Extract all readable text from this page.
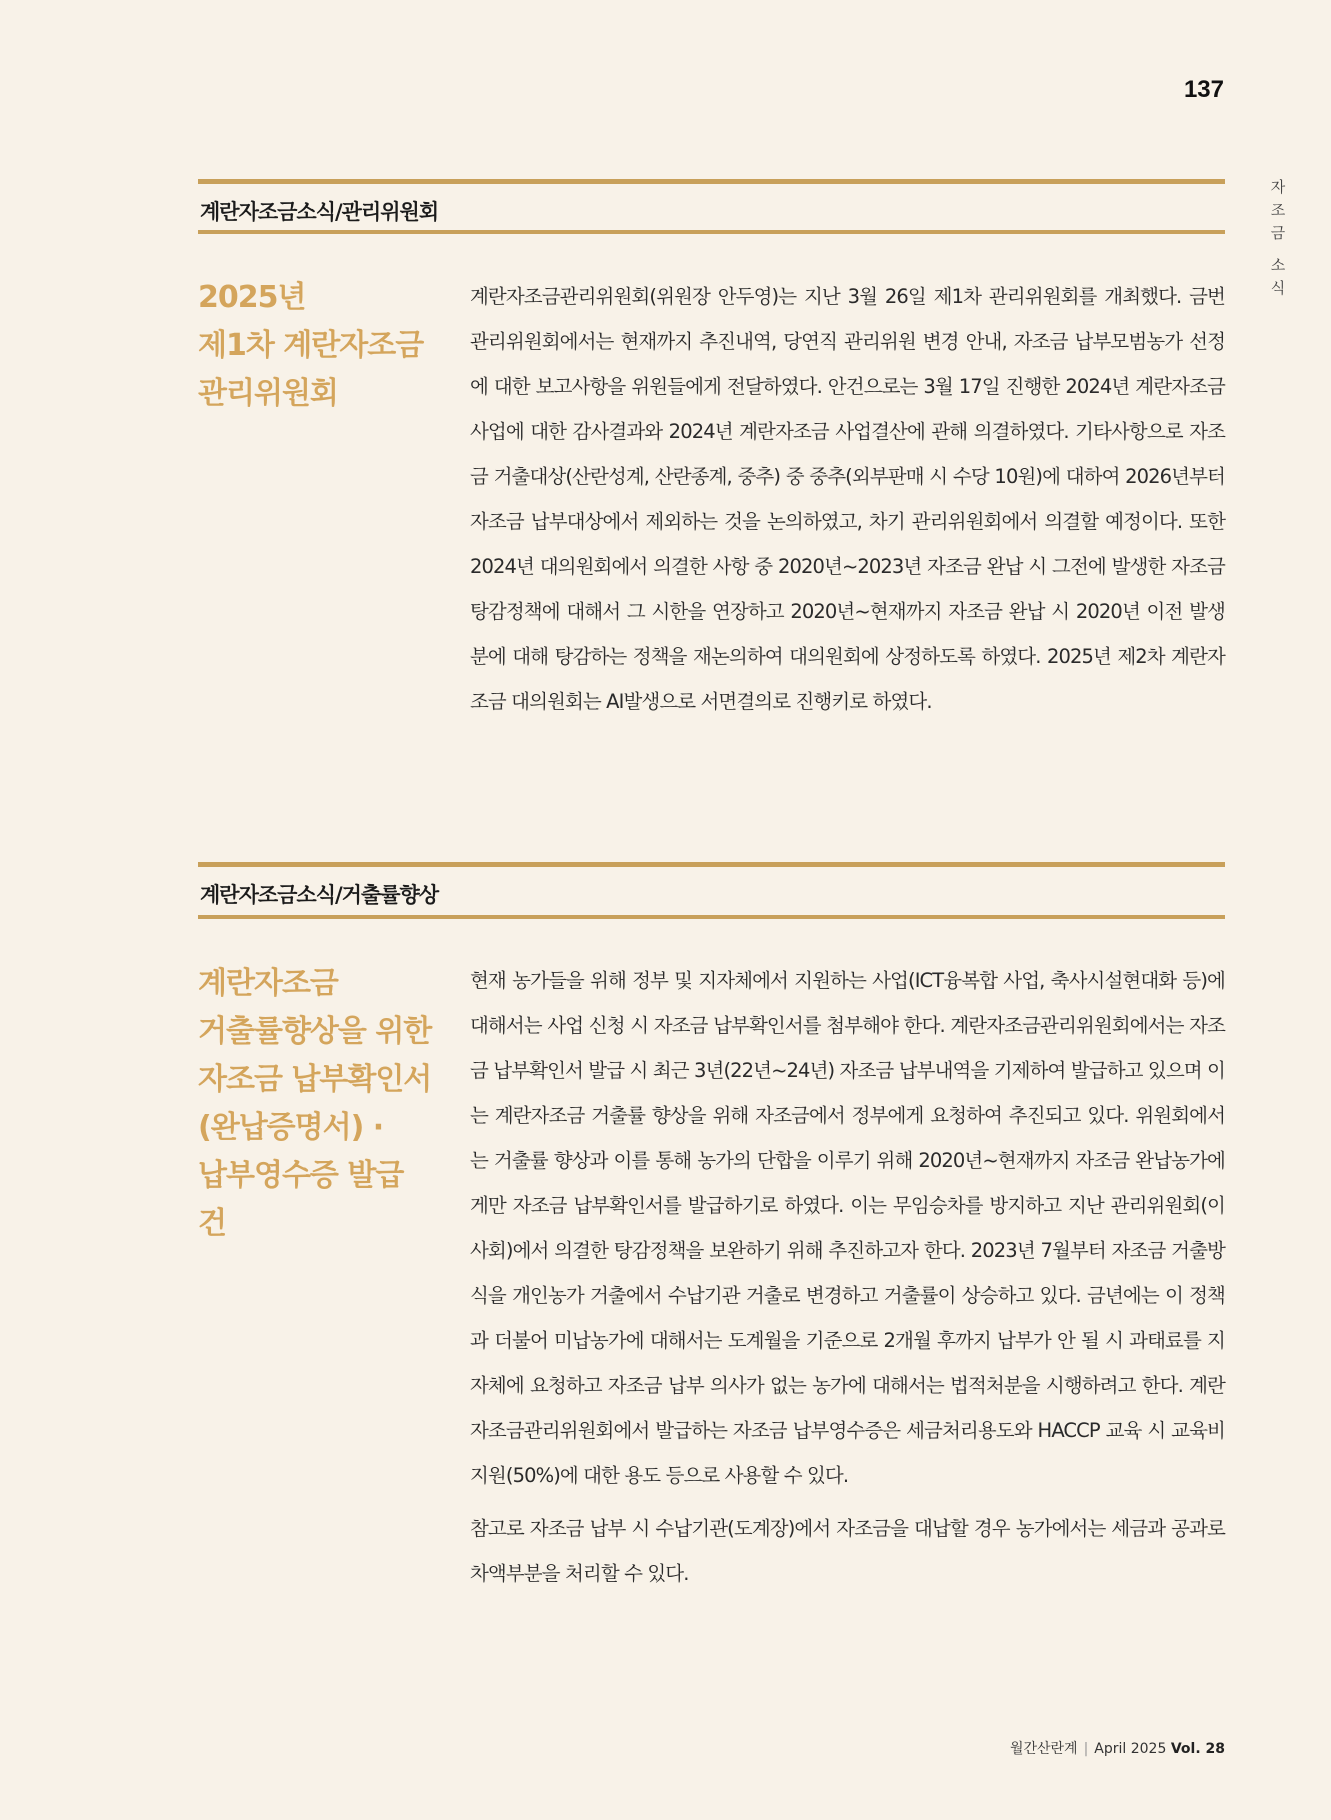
137
자
조
금
소
식
계란자조금소식/관리위원회
2025년
제1차 계란자조금
관리위원회

계란자조금관리위원회(위원장 안두영)는 지난 3월 26일 제1차 관리위원회를 개최했다. 금번 관리위원회에서는 현재까지 추진내역, 당연직 관리위원 변경 안내, 자조금 납부모범농가 선정에 대한 보고사항을 위원들에게 전달하였다. 안건으로는 3월 17일 진행한 2024년 계란자조금 사업에 대한 감사결과와 2024년 계란자조금 사업결산에 관해 의결하였다. 기타사항으로 자조금 거출대상(산란성계, 산란종계, 중추) 중 중추(외부판매 시 수당 10원)에 대하여 2026년부터 자조금 납부대상에서 제외하는 것을 논의하였고, 차기 관리위원회에서 의결할 예정이다. 또한 2024년 대의원회에서 의결한 사항 중 2020년~2023년 자조금 완납 시 그전에 발생한 자조금 탕감정책에 대해서 그 시한을 연장하고 2020년~현재까지 자조금 완납 시 2020년 이전 발생분에 대해 탕감하는 정책을 재논의하여 대의원회에 상정하도록 하였다. 2025년 제2차 계란자조금 대의원회는 AI발생으로 서면결의로 진행키로 하였다.

계란자조금소식/거출률향상
계란자조금
거출률향상을 위한
자조금 납부확인서
(완납증명서) ·
납부영수증 발급 건

현재 농가들을 위해 정부 및 지자체에서 지원하는 사업(ICT융복합 사업, 축사시설현대화 등)에 대해서는 사업 신청 시 자조금 납부확인서를 첨부해야 한다. 계란자조금관리위원회에서는 자조금 납부확인서 발급 시 최근 3년(22년~24년) 자조금 납부내역을 기제하여 발급하고 있으며 이는 계란자조금 거출률 향상을 위해 자조금에서 정부에게 요청하여 추진되고 있다. 위원회에서는 거출률 향상과 이를 통해 농가의 단합을 이루기 위해 2020년~현재까지 자조금 완납농가에게만 자조금 납부확인서를 발급하기로 하였다. 이는 무임승차를 방지하고 지난 관리위원회(이사회)에서 의결한 탕감정책을 보완하기 위해 추진하고자 한다. 2023년 7월부터 자조금 거출방식을 개인농가 거출에서 수납기관 거출로 변경하고 거출률이 상승하고 있다. 금년에는 이 정책과 더불어 미납농가에 대해서는 도계월을 기준으로 2개월 후까지 납부가 안 될 시 과태료를 지자체에 요청하고 자조금 납부 의사가 없는 농가에 대해서는 법적처분을 시행하려고 한다. 계란자조금관리위원회에서 발급하는 자조금 납부영수증은 세금처리용도와 HACCP 교육 시 교육비 지원(50%)에 대한 용도 등으로 사용할 수 있다.

참고로 자조금 납부 시 수납기관(도계장)에서 자조금을 대납할 경우 농가에서는 세금과 공과로 차액부분을 처리할 수 있다.

월간산란계 | April 2025 Vol. 28
